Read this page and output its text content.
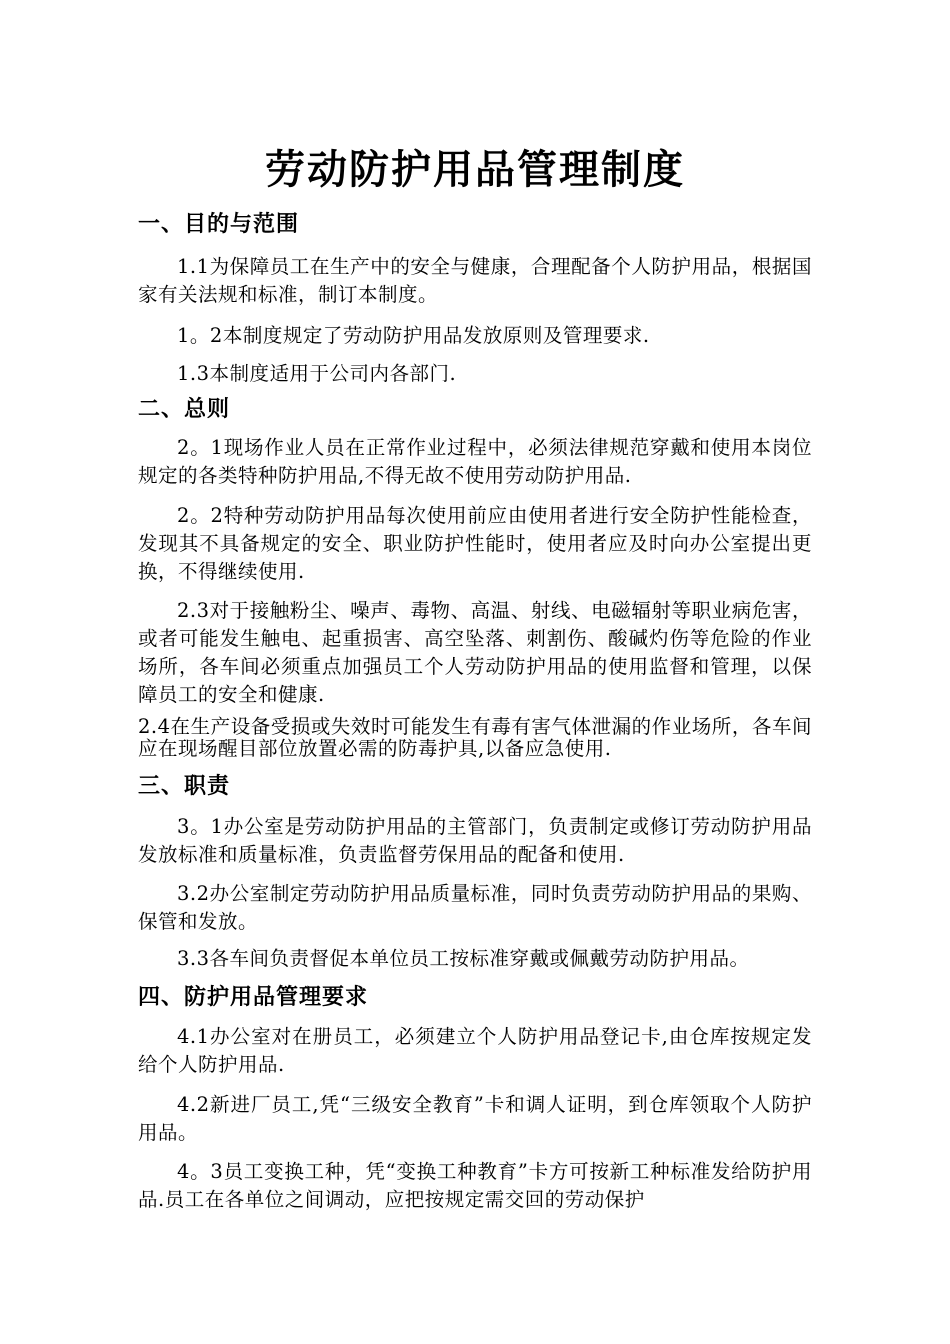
劳动防护用品管理制度
一、目的与范围

1.1为保障员工在生产中的安全与健康，合理配备个人防护用品，根据国家有关法规和标准，制订本制度。

1。2本制度规定了劳动防护用品发放原则及管理要求.

1.3本制度适用于公司内各部门.

二、总则

2。1现场作业人员在正常作业过程中，必须法律规范穿戴和使用本岗位规定的各类特种防护用品,不得无故不使用劳动防护用品.

2。2特种劳动防护用品每次使用前应由使用者进行安全防护性能检查，发现其不具备规定的安全、职业防护性能时，使用者应及时向办公室提出更换，不得继续使用.

2.3对于接触粉尘、噪声、毒物、高温、射线、电磁辐射等职业病危害，或者可能发生触电、起重损害、高空坠落、刺割伤、酸碱灼伤等危险的作业场所，各车间必须重点加强员工个人劳动防护用品的使用监督和管理，以保障员工的安全和健康.

2.4在生产设备受损或失效时可能发生有毒有害气体泄漏的作业场所，各车间应在现场醒目部位放置必需的防毒护具,以备应急使用.

三、职责

3。1办公室是劳动防护用品的主管部门，负责制定或修订劳动防护用品发放标准和质量标准，负责监督劳保用品的配备和使用.

3.2办公室制定劳动防护用品质量标准，同时负责劳动防护用品的果购、保管和发放。

3.3各车间负责督促本单位员工按标准穿戴或佩戴劳动防护用品。

四、防护用品管理要求

4.1办公室对在册员工，必须建立个人防护用品登记卡,由仓库按规定发给个人防护用品.

4.2新进厂员工,凭“三级安全教育”卡和调人证明，到仓库领取个人防护用品。

4。3员工变换工种，凭“变换工种教育”卡方可按新工种标准发给防护用品.员工在各单位之间调动，应把按规定需交回的劳动保护
